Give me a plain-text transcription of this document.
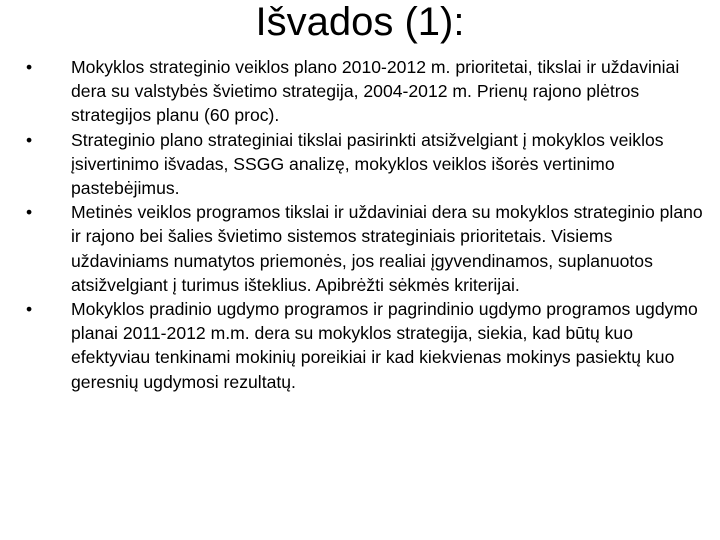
Išvados (1):
•	Mokyklos strateginio veiklos plano 2010-2012 m. prioritetai, tikslai ir uždaviniai dera su valstybės švietimo strategija, 2004-2012 m. Prienų rajono plėtros strategijos planu (60 proc).
•	Strateginio plano strateginiai tikslai pasirinkti atsižvelgiant į mokyklos veiklos įsivertinimo išvadas, SSGG analizę, mokyklos veiklos išorės vertinimo pastebėjimus.
•	Metinės veiklos programos tikslai ir uždaviniai dera su mokyklos strateginio plano ir rajono bei šalies švietimo sistemos strateginiais prioritetais. Visiems uždaviniams numatytos priemonės, jos realiai įgyvendinamos, suplanuotos atsižvelgiant į turimus išteklius. Apibrėžti sėkmės kriterijai.
•	Mokyklos pradinio ugdymo programos ir pagrindinio ugdymo programos ugdymo planai 2011-2012 m.m. dera su mokyklos strategija, siekia, kad būtų kuo efektyviau tenkinami mokinių poreikiai ir kad kiekvienas mokinys pasiektų kuo geresnių ugdymosi rezultatų.
